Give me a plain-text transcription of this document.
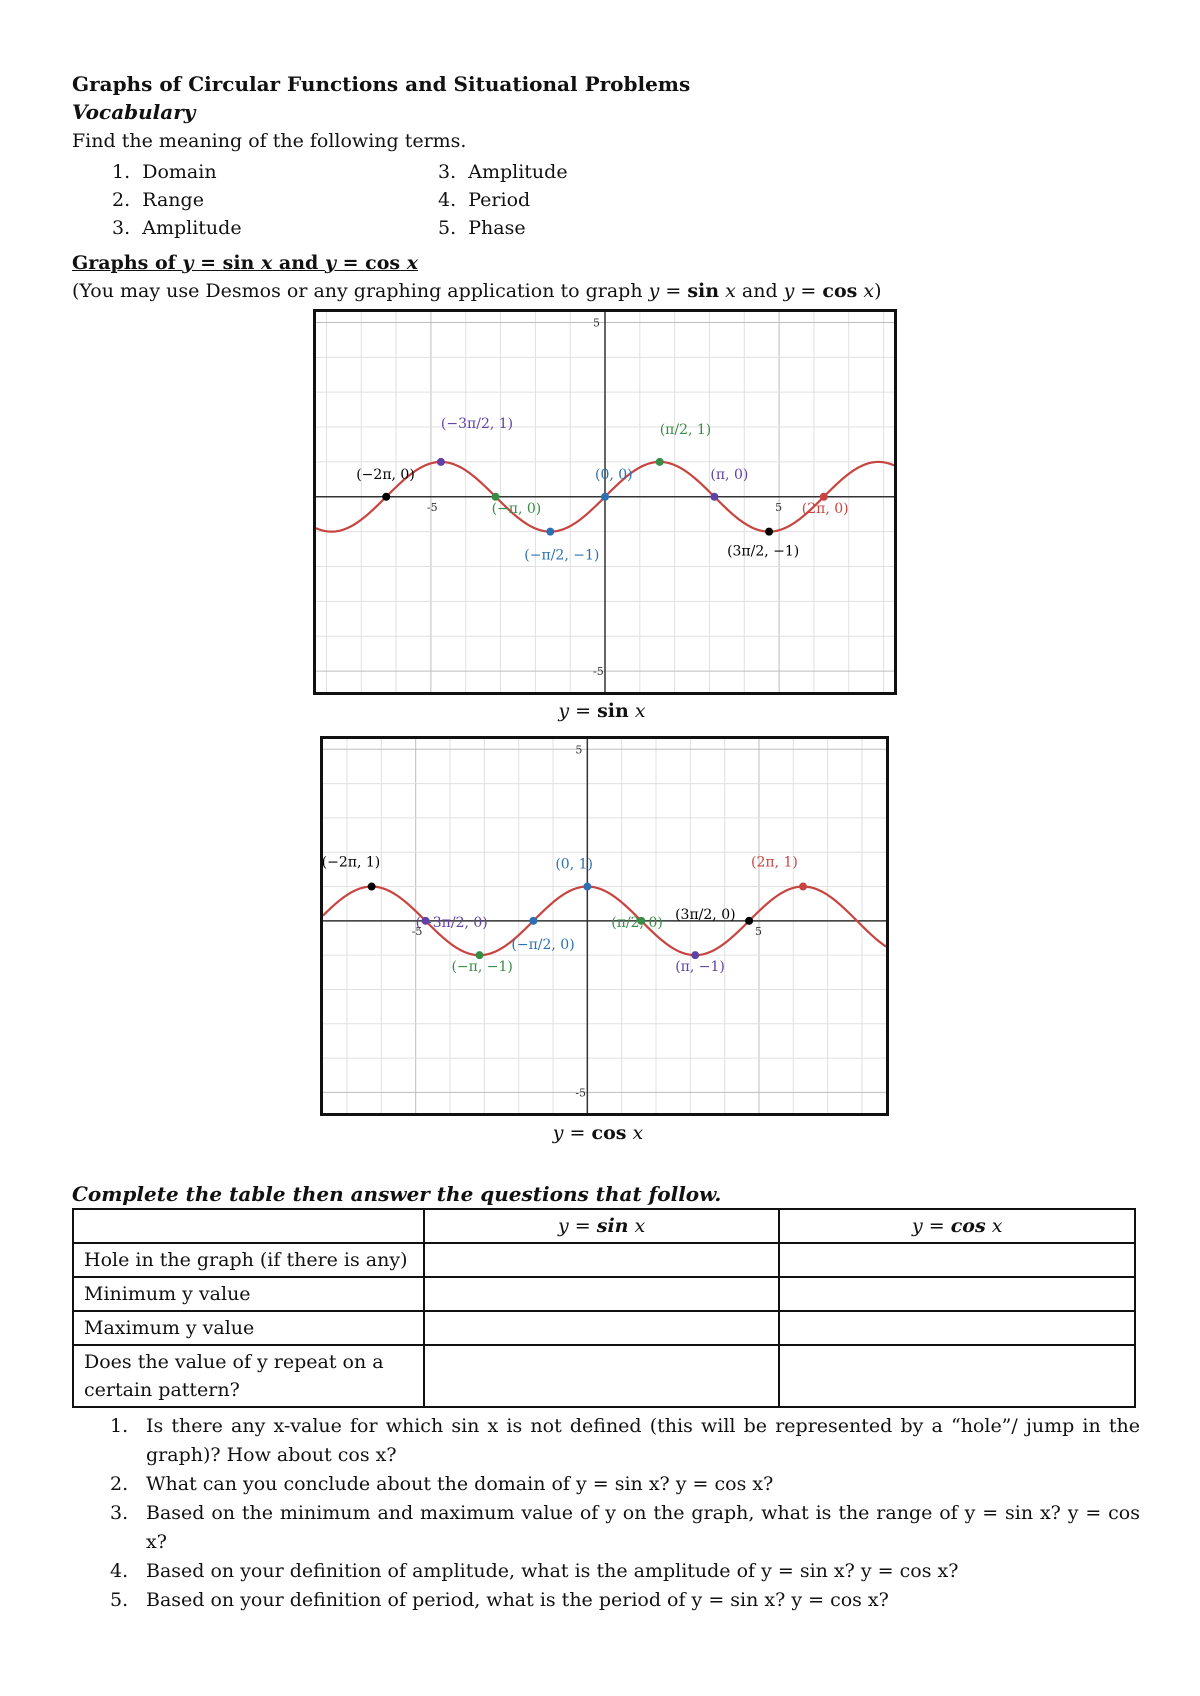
Graphs of Circular Functions and Situational Problems
Vocabulary
Find the meaning of the following terms.
1. Domain
2. Range
3. Amplitude
3. Amplitude
4. Period
5. Phase
Graphs of y = sin x and y = cos x
(You may use Desmos or any graphing application to graph y = sin x and y = cos x)
-5	5
5
-5
(−2π, 0)
(−3π/2, 1)
(−π, 0)
(−π/2, −1)
(0, 0)
(π/2, 1)
(π, 0)
(3π/2, −1)
(2π, 0)
y = sin x
-5	5
5
-5
(−2π, 1)
(−3π/2, 0)
(−π, −1)
(−π/2, 0)
(0, 1)
(π/2, 0)
(π, −1)
(3π/2, 0)
(2π, 1)
y = cos x
Complete the table then answer the questions that follow.
	y = sin x	y = cos x
Hole in the graph (if there is any)		
Minimum y value		
Maximum y value		
Does the value of y repeat on a certain pattern?		
1. Is there any x-value for which sin x is not defined (this will be represented by a “hole”/ jump in the graph)? How about cos x?
2. What can you conclude about the domain of y = sin x? y = cos x?
3. Based on the minimum and maximum value of y on the graph, what is the range of y = sin x? y = cos x?
4. Based on your definition of amplitude, what is the amplitude of y = sin x? y = cos x?
5. Based on your definition of period, what is the period of y = sin x? y = cos x?
